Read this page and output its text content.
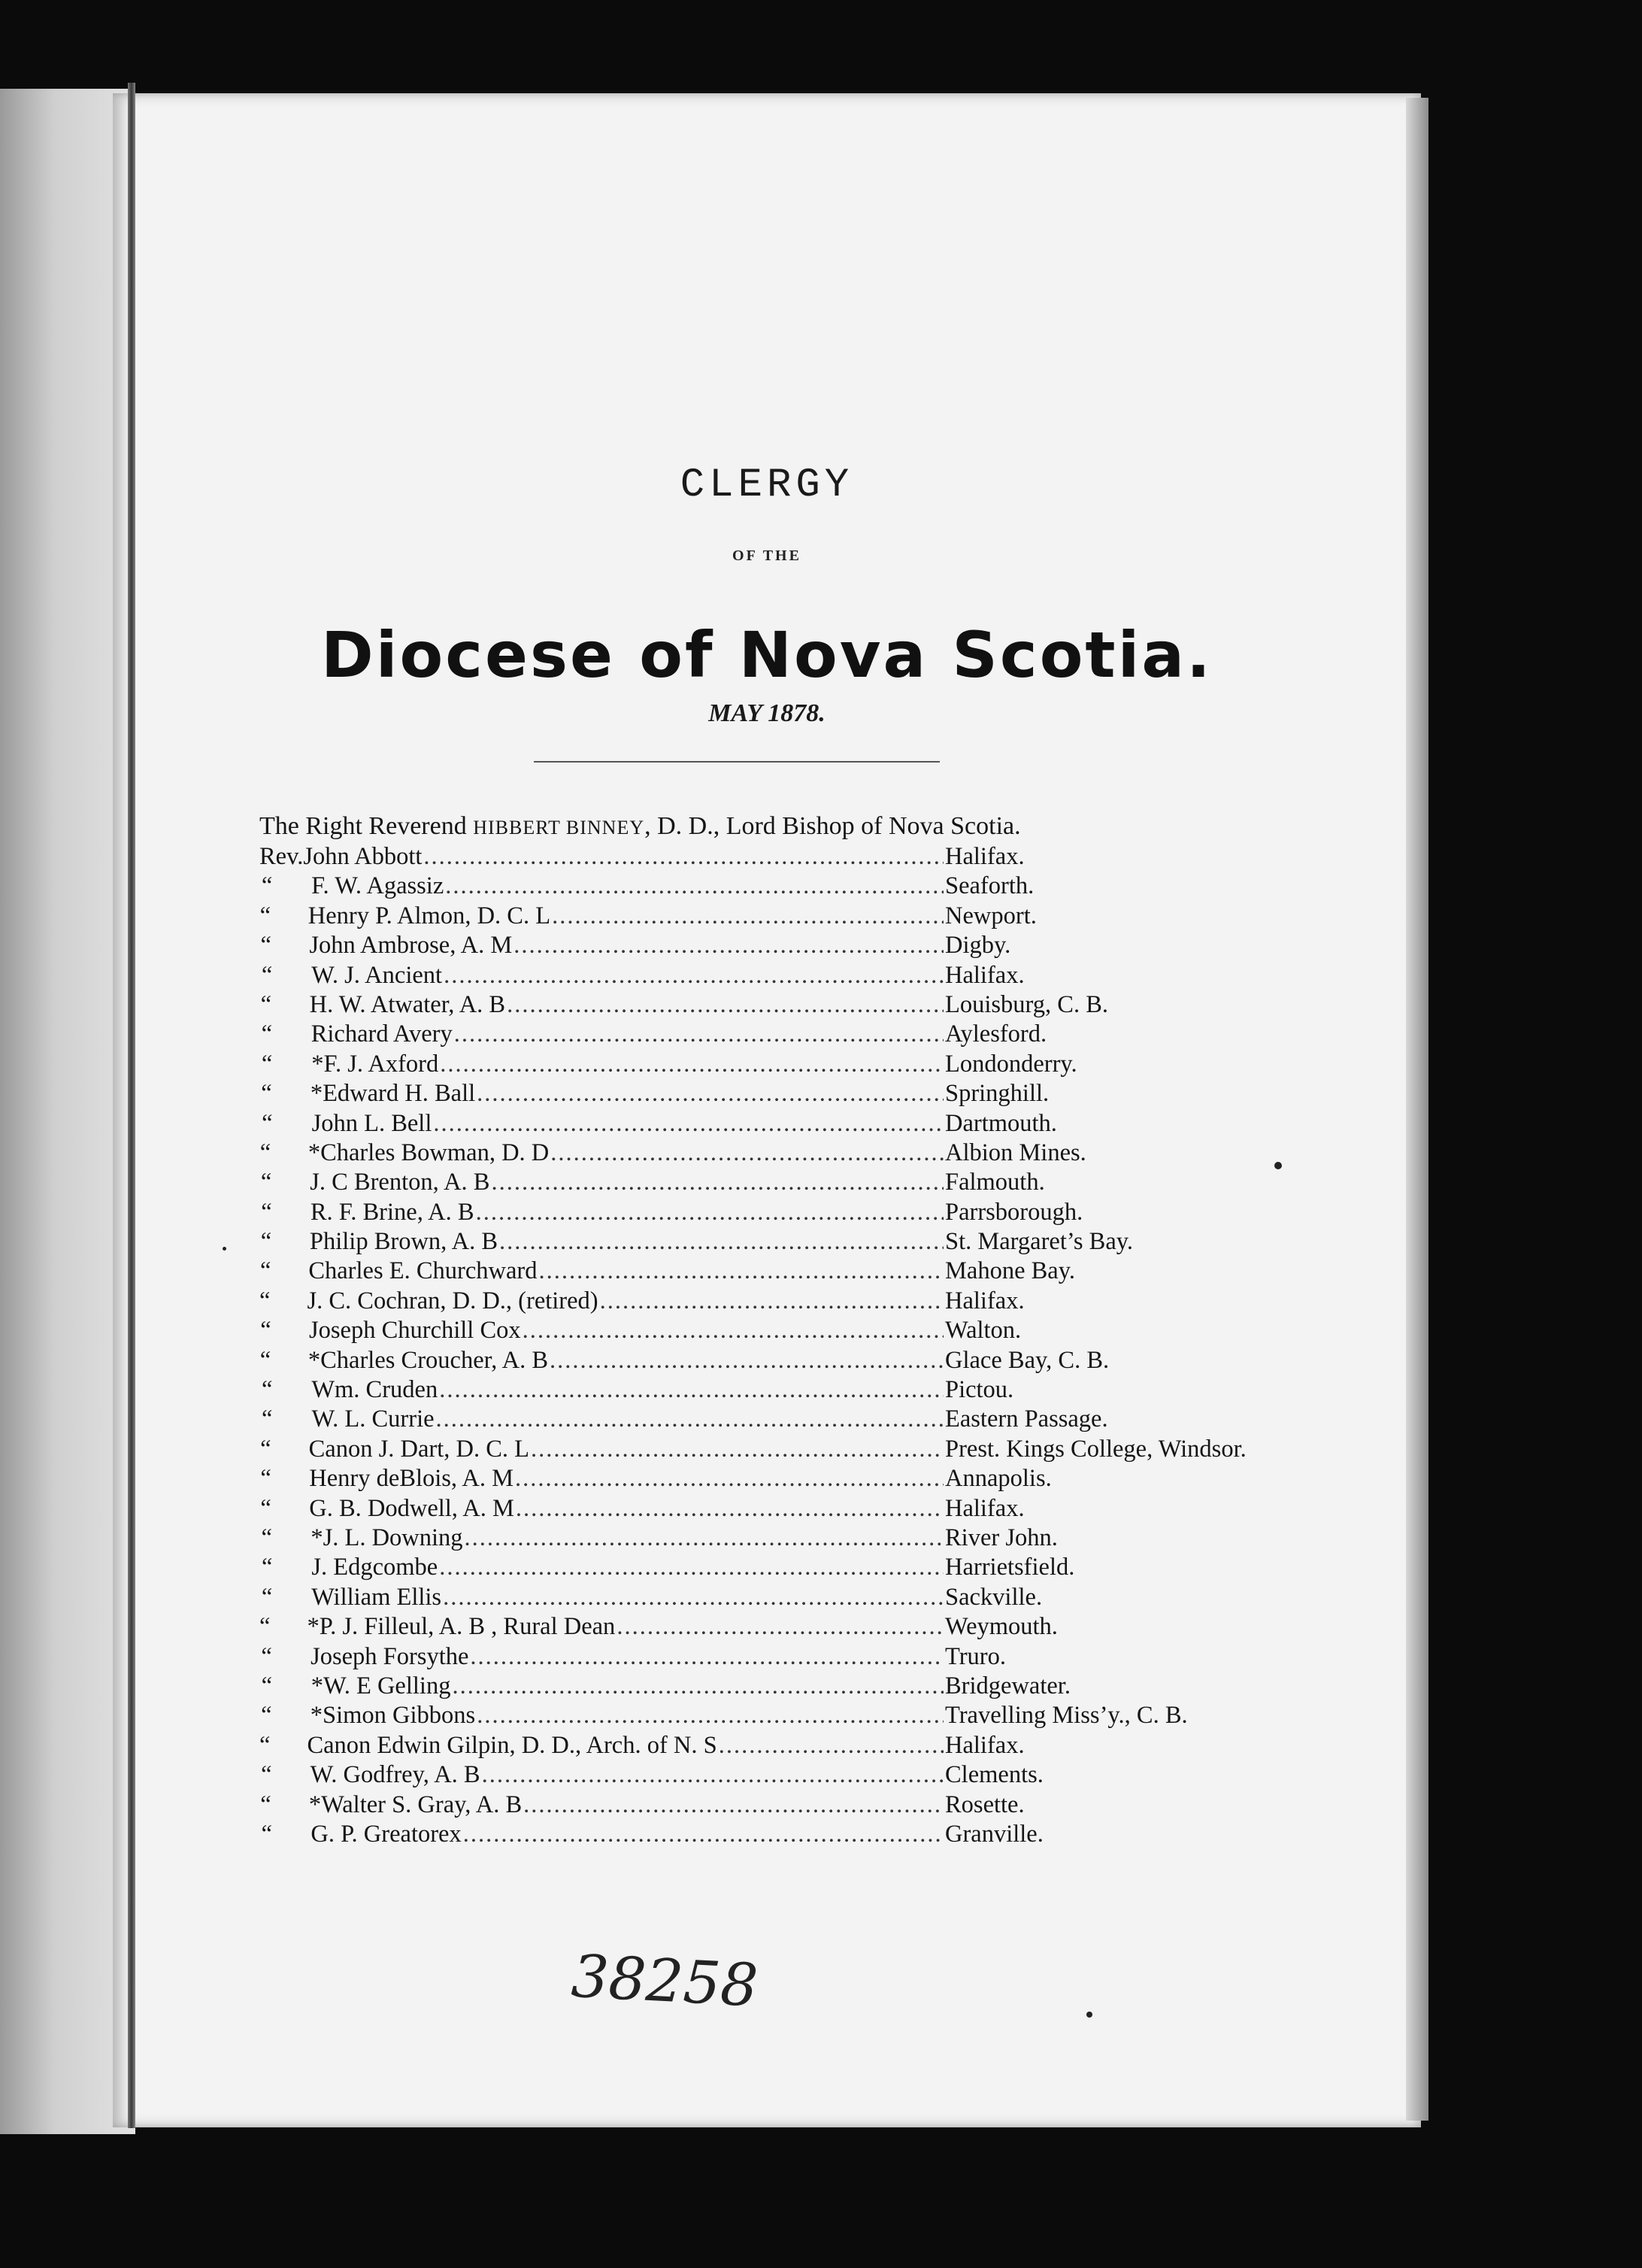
CLERGY
OF THE
Diocese of Nova Scotia.
MAY 1878.
The Right Reverend HIBBERT BINNEY, D. D., Lord Bishop of Nova Scotia.
Rev. John Abbott .....	Halifax.
“ F. W. Agassiz .....	Seaforth.
“ Henry P. Almon, D. C. L .....	Newport.
“ John Ambrose, A. M .....	Digby.
“ W. J. Ancient .....	Halifax.
“ H. W. Atwater, A. B .....	Louisburg, C. B.
“ Richard Avery .....	Aylesford.
“ *F. J. Axford .....	Londonderry.
“ *Edward H. Ball .....	Springhill.
“ John L. Bell .....	Dartmouth.
“ *Charles Bowman, D. D .....	Albion Mines.
“ J. C Brenton, A. B .....	Falmouth.
“ R. F. Brine, A. B .....	Parrsborough.
“ Philip Brown, A. B .....	St. Margaret’s Bay.
“ Charles E. Churchward .....	Mahone Bay.
“ J. C. Cochran, D. D., (retired) .....	Halifax.
“ Joseph Churchill Cox .....	Walton.
“ *Charles Croucher, A. B .....	Glace Bay, C. B.
“ Wm. Cruden .....	Pictou.
“ W. L. Currie .....	Eastern Passage.
“ Canon J. Dart, D. C. L .....	Prest. Kings College, Windsor.
“ Henry deBlois, A. M .....	Annapolis.
“ G. B. Dodwell, A. M .....	Halifax.
“ *J. L. Downing .....	River John.
“ J. Edgcombe .....	Harrietsfield.
“ William Ellis .....	Sackville.
“ *P. J. Filleul, A. B , Rural Dean .....	Weymouth.
“ Joseph Forsythe .....	Truro.
“ *W. E Gelling .....	Bridgewater.
“ *Simon Gibbons .....	Travelling Miss’y., C. B.
“ Canon Edwin Gilpin, D. D., Arch. of N. S .....	Halifax.
“ W. Godfrey, A. B .....	Clements.
“ *Walter S. Gray, A. B .....	Rosette.
“ G. P. Greatorex .....	Granville.
38258
